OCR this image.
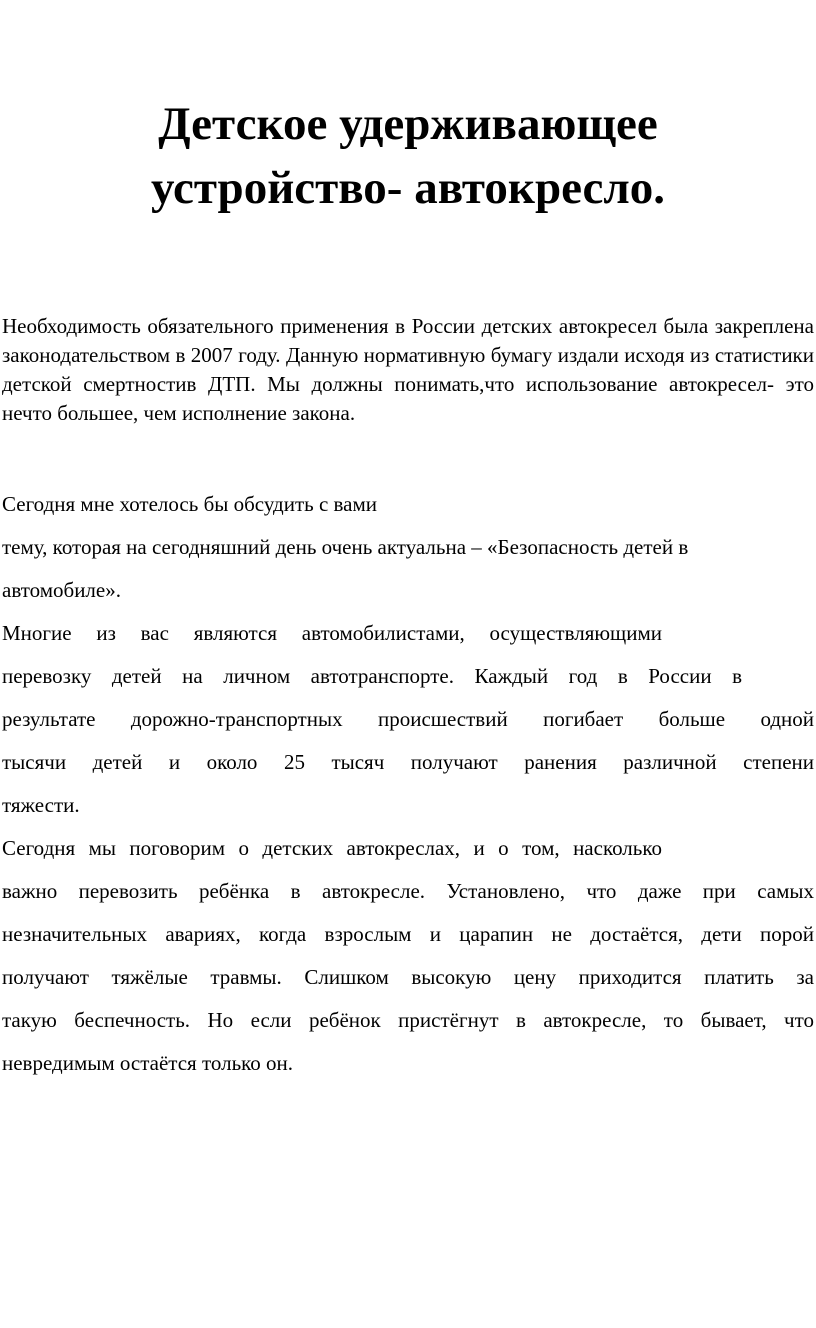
Детское удерживающее
устройство- автокресло.

Необходимость обязательного применения в России детских автокресел была закреплена законодательством в 2007 году. Данную нормативную бумагу издали исходя из статистики детской смертностив ДТП. Мы должны понимать,что использование автокресел- это нечто большее, чем исполнение закона.

Сегодня мне хотелось бы обсудить с вами
тему, которая на сегодняшний день очень актуальна – «Безопасность детей в
автомобиле».
Многие из вас являются автомобилистами, осуществляющими
перевозку детей на личном автотранспорте. Каждый год в России в
результате дорожно-транспортных происшествий погибает больше одной
тысячи детей и около 25 тысяч получают ранения различной степени
тяжести.
Сегодня мы поговорим о детских автокреслах, и о том, насколько
важно перевозить ребёнка в автокресле. Установлено, что даже при самых
незначительных авариях, когда взрослым и царапин не достаётся, дети порой
получают тяжёлые травмы. Слишком высокую цену приходится платить за
такую беспечность. Но если ребёнок пристёгнут в автокресле, то бывает, что
невредимым остаётся только он.
